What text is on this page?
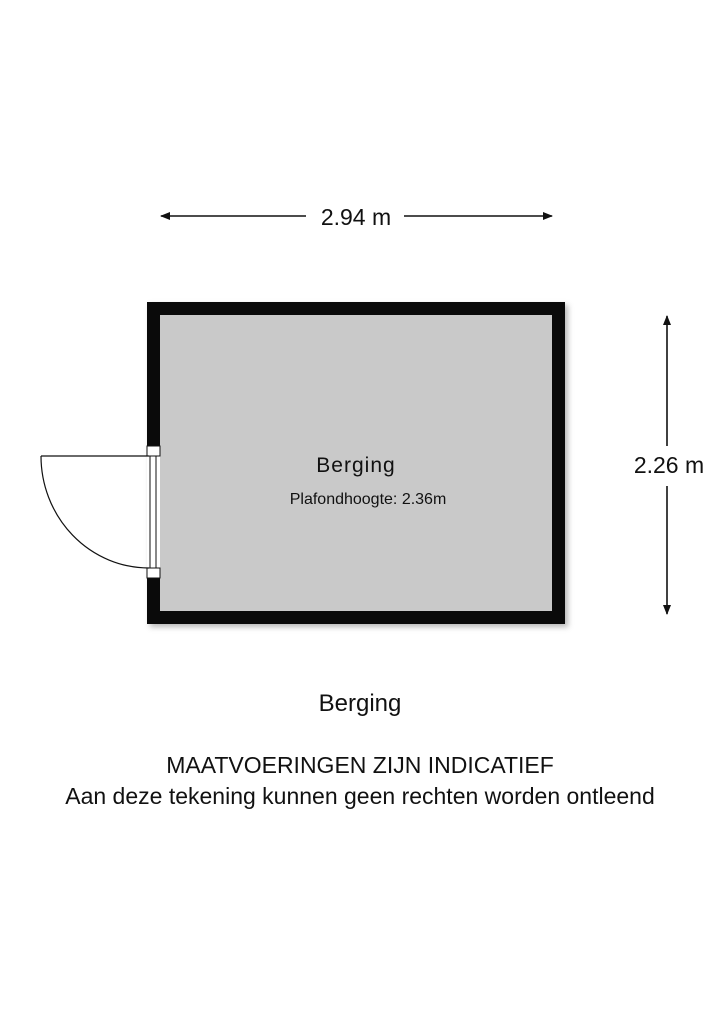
2.94 m
2.26 m
Berging
Plafondhoogte: 2.36m
Berging
MAATVOERINGEN ZIJN INDICATIEF
Aan deze tekening kunnen geen rechten worden ontleend
